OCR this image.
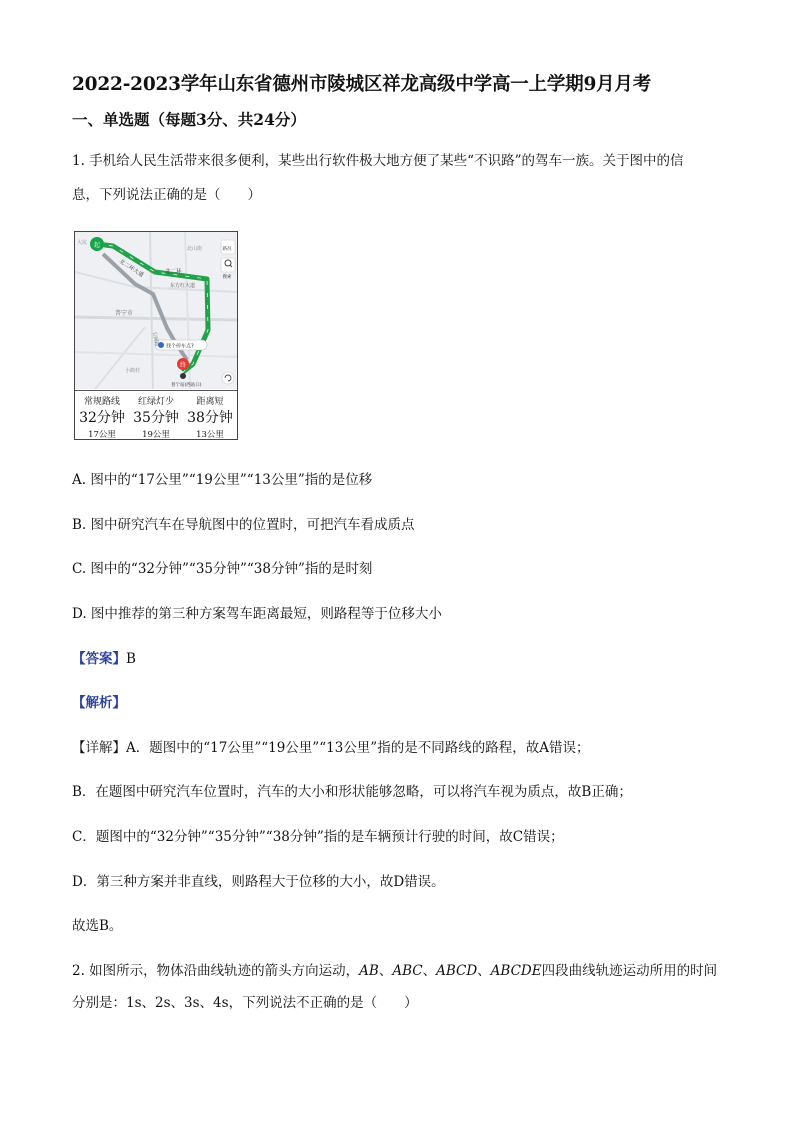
2022-2023学年山东省德州市陵城区祥龙高级中学高一上学期9月月考
一、单选题（每题3分、共24分）
1. 手机给人民生活带来很多便利，某些出行软件极大地方便了某些“不识路”的驾车一族。关于图中的信
息，下列说法正确的是（　　）
起
终
北二环大道	北二环
东方红大道
普宁市
公园路
大坑
北山街
小鹤村
找个停车点?
普宁站(西站口)
路况
搜索
常规路线
32分钟
17公里
红绿灯少
35分钟
19公里
距离短
38分钟
13公里
A. 图中的“17公里”“19公里”“13公里”指的是位移
B. 图中研究汽车在导航图中的位置时，可把汽车看成质点
C. 图中的“32分钟”“35分钟”“38分钟”指的是时刻
D. 图中推荐的第三种方案驾车距离最短，则路程等于位移大小
【答案】B
【解析】
【详解】A．题图中的“17公里”“19公里”“13公里”指的是不同路线的路程，故A错误；
B．在题图中研究汽车位置时，汽车的大小和形状能够忽略，可以将汽车视为质点，故B正确；
C．题图中的“32分钟”“35分钟”“38分钟”指的是车辆预计行驶的时间，故C错误；
D．第三种方案并非直线，则路程大于位移的大小，故D错误。
故选B。
2. 如图所示，物体沿曲线轨迹的箭头方向运动，AB、ABC、ABCD、ABCDE四段曲线轨迹运动所用的时间
分别是：1s、2s、3s、4s，下列说法不正确的是（　　）
